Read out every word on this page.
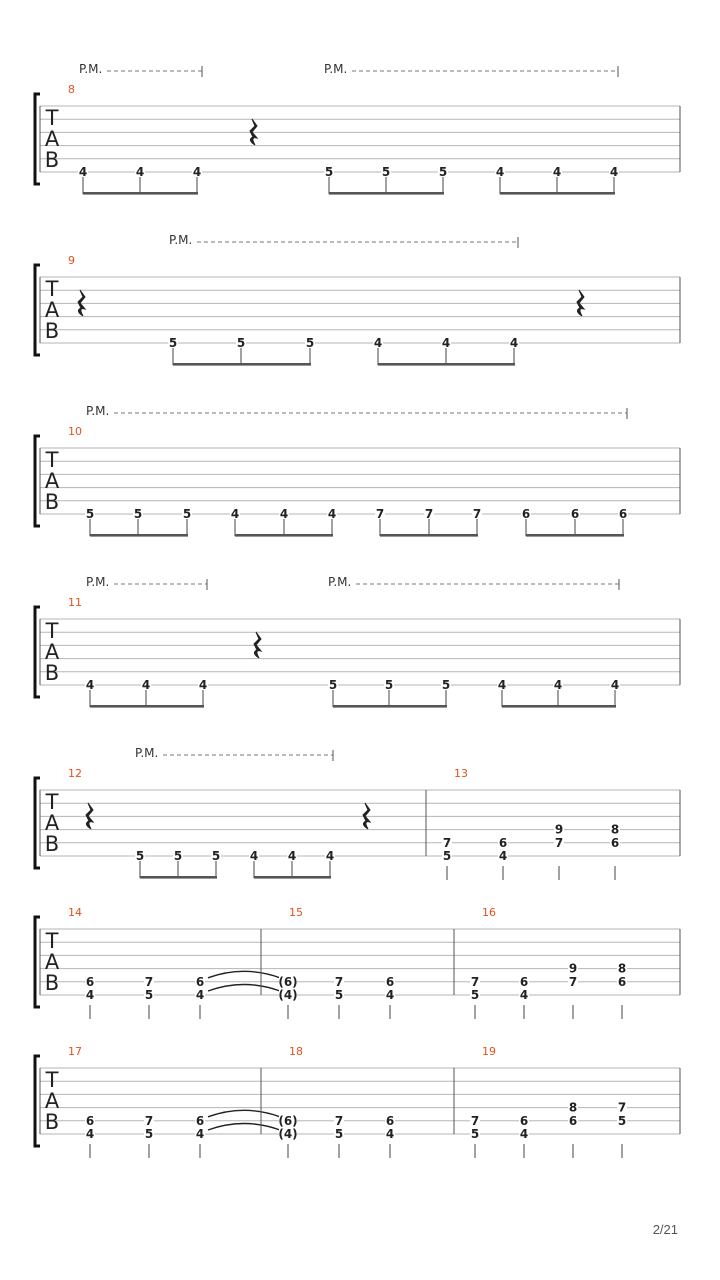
T
A
B
8
4	4	4	5	5	5	4	4	4
P.M.	P.M.
T
A
B
9
5	5	5	4	4	4
P.M.
T
A
B
10
5	5	5	4	4	4	7	7	7	6	6	6
P.M.
T
A
B
11
4	4	4	5	5	5	4	4	4
P.M.	P.M.
T
A
B
12
5 5 5 4 4 4
P.M.
13
7
5
6
4
9
7
8
6
T
A
B
14
6
4
7
5
6
4
15
(6)
(4)
7
5
6
4
16
7
5
6
4
9
7
8
6
T
A
B
17
6
4
7
5
6
4
18
(6)
(4)
7
5
6
4
19
7
5
6
4
8
6
7
5
2/21
